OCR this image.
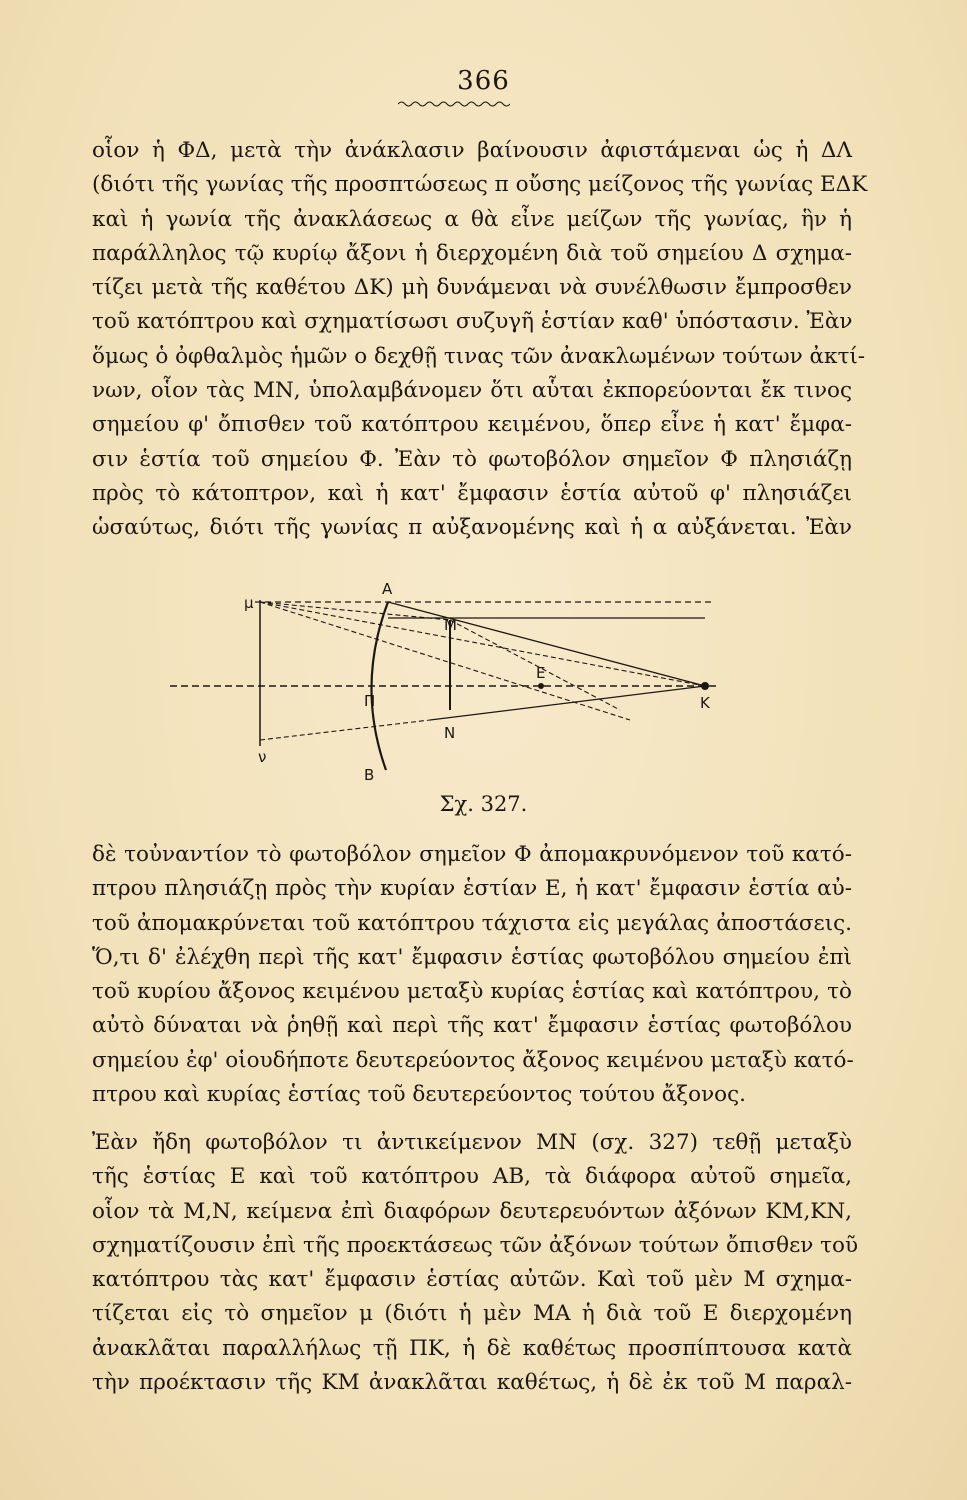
366
οἷον ἡ ΦΔ, μετὰ τὴν ἀνάκλασιν βαίνουσιν ἀφιστάμεναι ὡς ἡ ΔΛ
(διότι τῆς γωνίας τῆς προσπτώσεως π οὔσης μείζονος τῆς γωνίας ΕΔΚ
καὶ ἡ γωνία τῆς ἀνακλάσεως α θὰ εἶνε μείζων τῆς γωνίας, ἣν ἡ
παράλληλος τῷ κυρίῳ ἄξονι ἡ διερχομένη διὰ τοῦ σημείου Δ σχημα-
τίζει μετὰ τῆς καθέτου ΔΚ) μὴ δυνάμεναι νὰ συνέλθωσιν ἔμπροσθεν
τοῦ κατόπτρου καὶ σχηματίσωσι συζυγῆ ἑστίαν καθ' ὑπόστασιν. Ἐὰν
ὅμως ὁ ὀφθαλμὸς ἡμῶν ο δεχθῇ τινας τῶν ἀνακλωμένων τούτων ἀκτί-
νων, οἷον τὰς ΜΝ, ὑπολαμβάνομεν ὅτι αὗται ἐκπορεύονται ἔκ τινος
σημείου φ' ὄπισθεν τοῦ κατόπτρου κειμένου, ὅπερ εἶνε ἡ κατ' ἔμφα-
σιν ἑστία τοῦ σημείου Φ. Ἐὰν τὸ φωτοβόλον σημεῖον Φ πλησιάζῃ
πρὸς τὸ κάτοπτρον, καὶ ἡ κατ' ἔμφασιν ἑστία αὐτοῦ φ' πλησιάζει
ὡσαύτως, διότι τῆς γωνίας π αὐξανομένης καὶ ἡ α αὐξάνεται. Ἐὰν
μ
A
M
E
K
Π
N
ν
B
Σχ. 327.
δὲ τοὐναντίον τὸ φωτοβόλον σημεῖον Φ ἀπομακρυνόμενον τοῦ κατό-
πτρου πλησιάζῃ πρὸς τὴν κυρίαν ἑστίαν Ε, ἡ κατ' ἔμφασιν ἑστία αὐ-
τοῦ ἀπομακρύνεται τοῦ κατόπτρου τάχιστα εἰς μεγάλας ἀποστάσεις.
Ὅ,τι δ' ἐλέχθη περὶ τῆς κατ' ἔμφασιν ἑστίας φωτοβόλου σημείου ἐπὶ
τοῦ κυρίου ἄξονος κειμένου μεταξὺ κυρίας ἑστίας καὶ κατόπτρου, τὸ
αὐτὸ δύναται νὰ ῥηθῇ καὶ περὶ τῆς κατ' ἔμφασιν ἑστίας φωτοβόλου
σημείου ἐφ' οἱουδήποτε δευτερεύοντος ἄξονος κειμένου μεταξὺ κατό-
πτρου καὶ κυρίας ἑστίας τοῦ δευτερεύοντος τούτου ἄξονος.
Ἐὰν ἤδη φωτοβόλον τι ἀντικείμενον ΜΝ (σχ. 327) τεθῇ μεταξὺ
τῆς ἑστίας Ε καὶ τοῦ κατόπτρου ΑΒ, τὰ διάφορα αὐτοῦ σημεῖα,
οἷον τὰ Μ,Ν, κείμενα ἐπὶ διαφόρων δευτερευόντων ἀξόνων ΚΜ,ΚΝ,
σχηματίζουσιν ἐπὶ τῆς προεκτάσεως τῶν ἀξόνων τούτων ὄπισθεν τοῦ
κατόπτρου τὰς κατ' ἔμφασιν ἑστίας αὐτῶν. Καὶ τοῦ μὲν Μ σχημα-
τίζεται εἰς τὸ σημεῖον μ (διότι ἡ μὲν ΜΑ ἡ διὰ τοῦ Ε διερχομένη
ἀνακλᾶται παραλλήλως τῇ ΠΚ, ἡ δὲ καθέτως προσπίπτουσα κατὰ
τὴν προέκτασιν τῆς ΚΜ ἀνακλᾶται καθέτως, ἡ δὲ ἐκ τοῦ Μ παραλ-
